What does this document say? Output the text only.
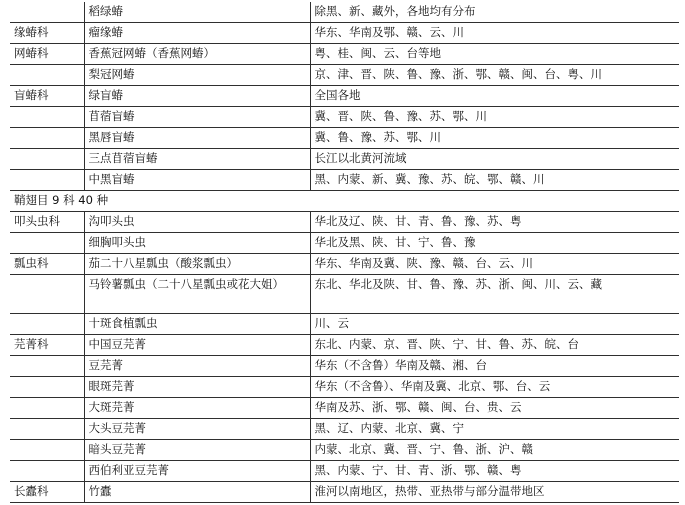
	稻绿蝽	除黑、新、藏外，各地均有分布
缘蝽科	瘤缘蝽	华东、华南及鄂、赣、云、川
网蝽科	香蕉冠网蝽（香蕉网蝽）	粤、桂、闽、云、台等地
	梨冠网蝽	京、津、晋、陕、鲁、豫、浙、鄂、赣、闽、台、粤、川
盲蝽科	绿盲蝽	全国各地
	苜蓿盲蝽	冀、晋、陕、鲁、豫、苏、鄂、川
	黑唇盲蝽	冀、鲁、豫、苏、鄂、川
	三点苜蓿盲蝽	长江以北黄河流域
	中黑盲蝽	黑、内蒙、新、冀、豫、苏、皖、鄂、赣、川
鞘翅目 9 科 40 种		
叩头虫科	沟叩头虫	华北及辽、陕、甘、青、鲁、豫、苏、粤
	细胸叩头虫	华北及黑、陕、甘、宁、鲁、豫
瓢虫科	茄二十八星瓢虫（酸浆瓢虫）	华东、华南及冀、陕、豫、赣、台、云、川
	马铃薯瓢虫（二十八星瓢虫或花大姐）	东北、华北及陕、甘、鲁、豫、苏、浙、闽、川、云、藏
	十斑食植瓢虫	川、云
芫菁科	中国豆芫菁	东北、内蒙、京、晋、陕、宁、甘、鲁、苏、皖、台
	豆芫菁	华东（不含鲁）华南及赣、湘、台
	眼斑芫菁	华东（不含鲁）、华南及冀、北京、鄂、台、云
	大斑芫菁	华南及苏、浙、鄂、赣、闽、台、贵、云
	大头豆芫菁	黑、辽、内蒙、北京、冀、宁
	暗头豆芫菁	内蒙、北京、冀、晋、宁、鲁、浙、沪、赣
	西伯利亚豆芫菁	黑、内蒙、宁、甘、青、浙、鄂、赣、粤
长蠹科	竹蠹	淮河以南地区，热带、亚热带与部分温带地区
